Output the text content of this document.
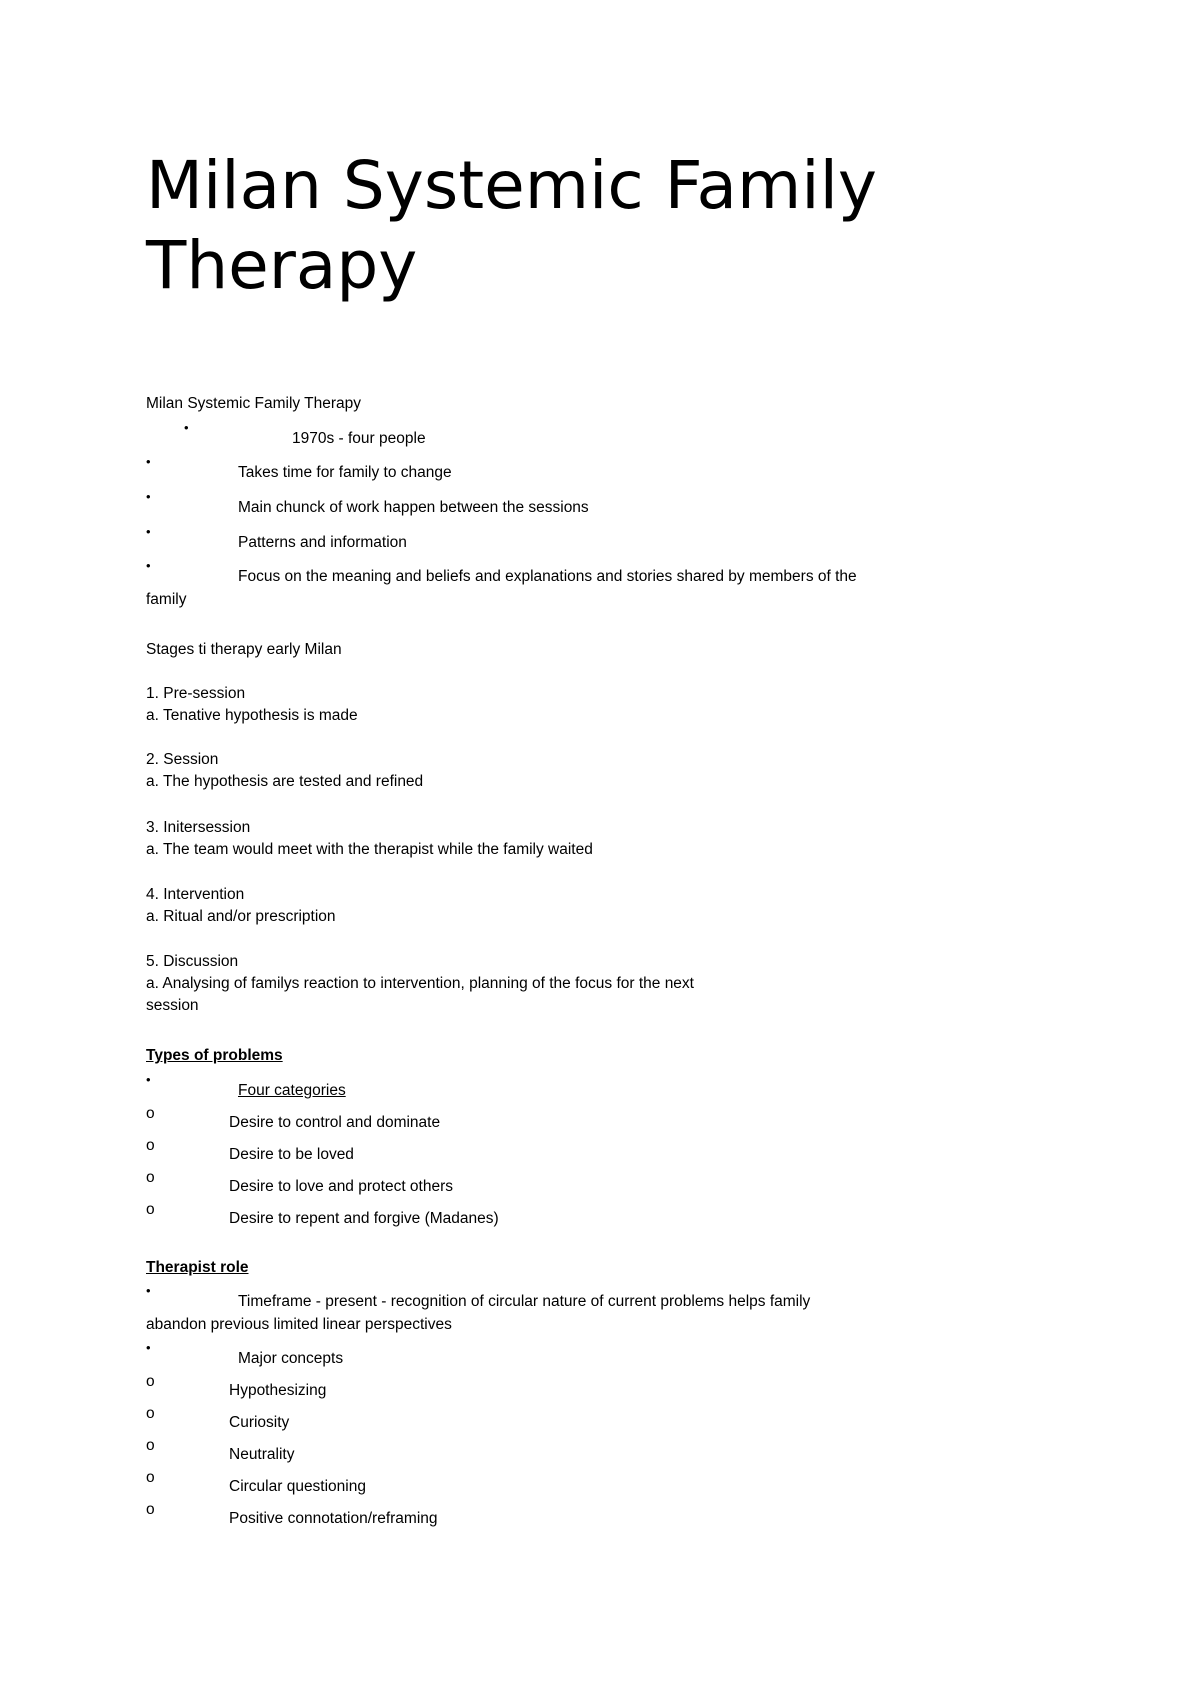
Milan Systemic Family Therapy
Milan Systemic Family Therapy
•
1970s - four people
•
Takes time for family to change
•
Main chunck of work happen between the sessions
•
Patterns and information
•
Focus on the meaning and beliefs and explanations and stories shared by members of the
family
Stages ti therapy early Milan
1. Pre-session
a. Tenative hypothesis is made
2. Session
a. The hypothesis are tested and refined
3. Initersession
a. The team would meet with the therapist while the family waited
4. Intervention
a. Ritual and/or prescription
5. Discussion
a. Analysing of familys reaction to intervention, planning of the focus for the next
session
Types of problems
•
Four categories
o
Desire to control and dominate
o
Desire to be loved
o
Desire to love and protect others
o
Desire to repent and forgive (Madanes)
Therapist role
•
Timeframe - present - recognition of circular nature of current problems helps family
abandon previous limited linear perspectives
•
Major concepts
o
Hypothesizing
o
Curiosity
o
Neutrality
o
Circular questioning
o
Positive connotation/reframing
